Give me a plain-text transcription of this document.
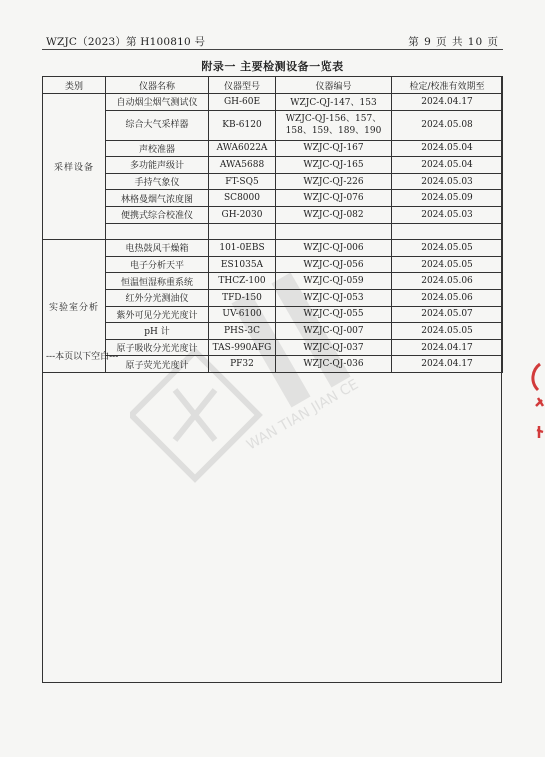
WZJC（2023）第 H100810 号	第 9 页 共 10 页
附录一 主要检测设备一览表
WAN TIAN JIAN CE
类别	仪器名称	仪器型号	仪器编号	检定/校准有效期至
采样设备	自动烟尘烟气测试仪	GH-60E	WZJC-QJ-147、153	2024.04.17
	综合大气采样器	KB-6120	WZJC-QJ-156、157、158、159、189、190	2024.05.08
	声校准器	AWA6022A	WZJC-QJ-167	2024.05.04
	多功能声级计	AWA5688	WZJC-QJ-165	2024.05.04
	手持气象仪	FT-SQ5	WZJC-QJ-226	2024.05.03
	林格曼烟气浓度图	SC8000	WZJC-QJ-076	2024.05.09
	便携式综合校准仪	GH-2030	WZJC-QJ-082	2024.05.03

实验室分析	电热鼓风干燥箱	101-0EBS	WZJC-QJ-006	2024.05.05
	电子分析天平	ES1035A	WZJC-QJ-056	2024.05.05
	恒温恒湿称重系统	THCZ-100	WZJC-QJ-059	2024.05.06
	红外分光测油仪	TFD-150	WZJC-QJ-053	2024.05.06
	紫外可见分光光度计	UV-6100	WZJC-QJ-055	2024.05.07
	pH 计	PHS-3C	WZJC-QJ-007	2024.05.05
	原子吸收分光光度计	TAS-990AFG	WZJC-QJ-037	2024.04.17
	原子荧光光度计	PF32	WZJC-QJ-036	2024.04.17
---本页以下空白---
